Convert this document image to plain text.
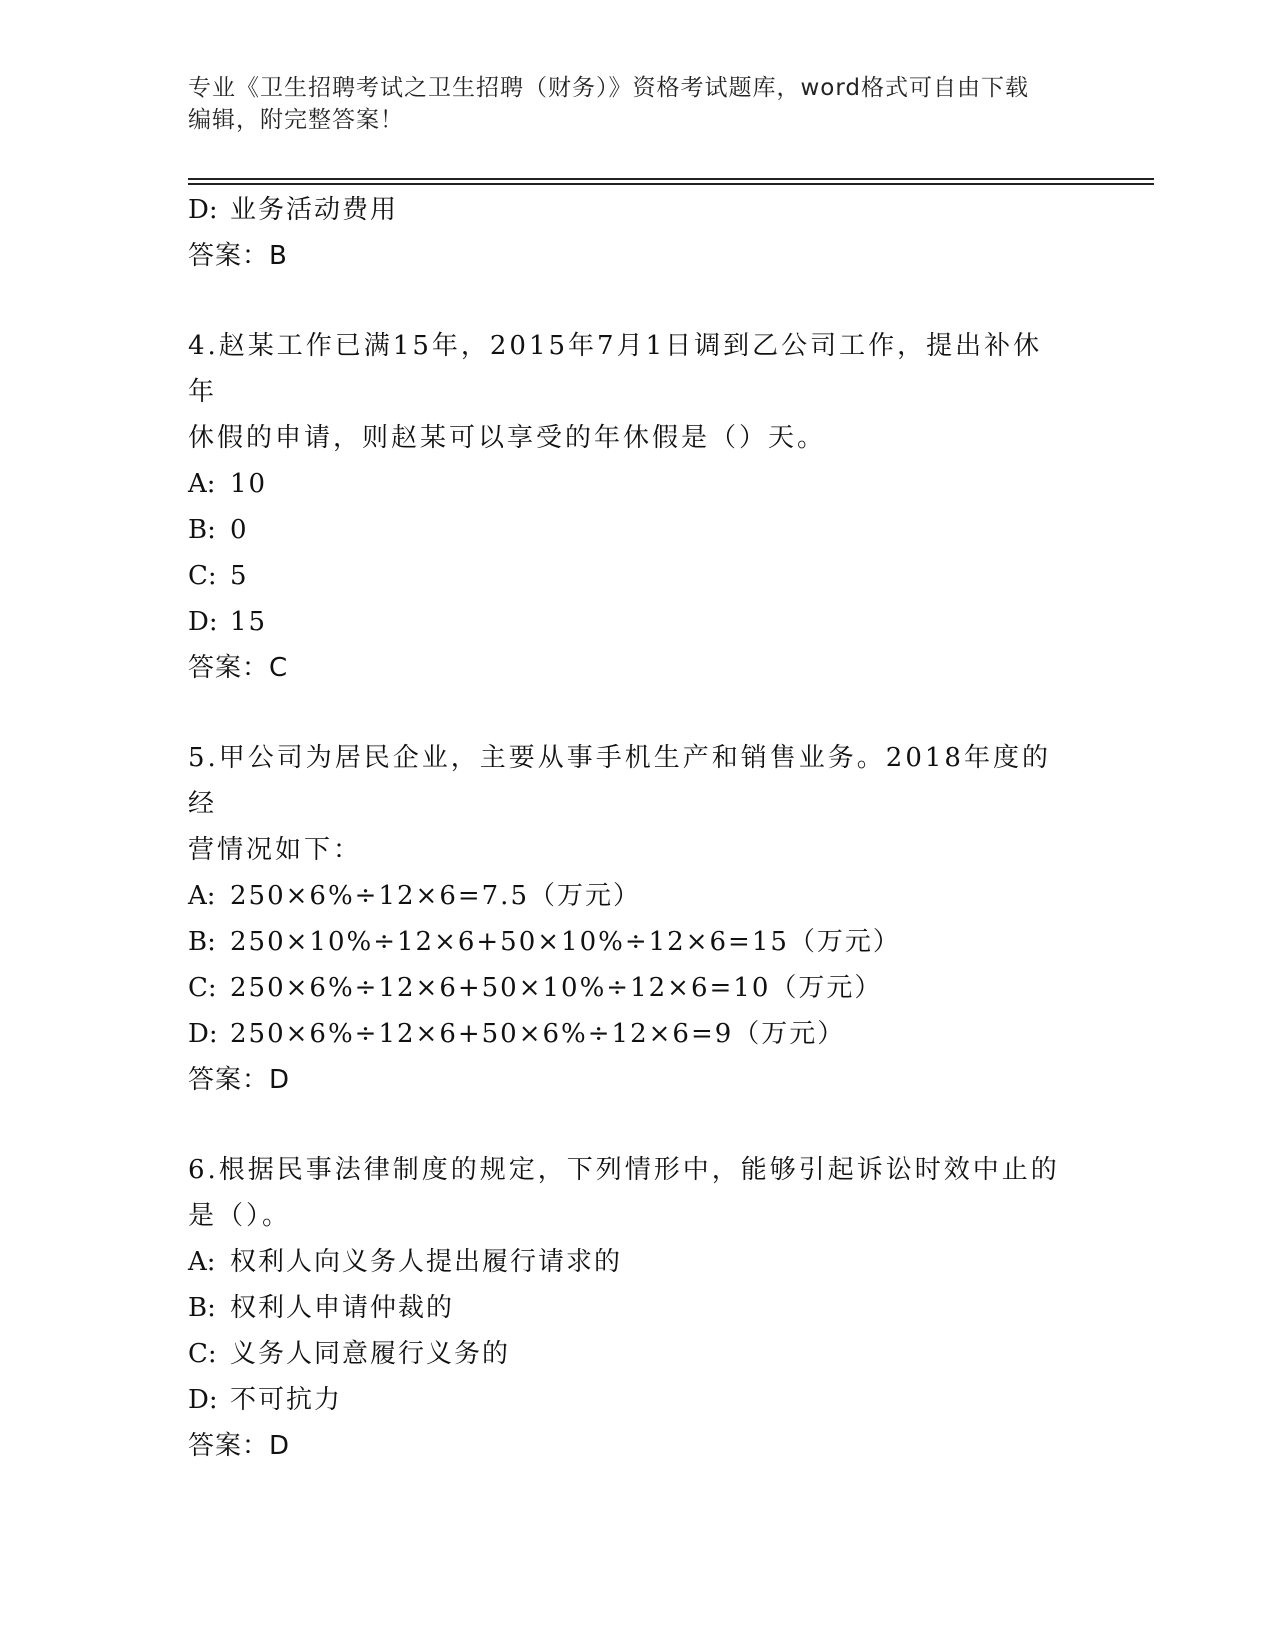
专业《卫生招聘考试之卫生招聘（财务）》资格考试题库，word格式可自由下载
编辑，附完整答案！
D: 业务活动费用
答案：B
4.赵某工作已满15年，2015年7月1日调到乙公司工作，提出补休年
休假的申请，则赵某可以享受的年休假是（）天。
A: 10
B: 0
C: 5
D: 15
答案：C
5.甲公司为居民企业，主要从事手机生产和销售业务。2018年度的经
营情况如下：
A: 250×6%÷12×6=7.5（万元）
B: 250×10%÷12×6+50×10%÷12×6=15（万元）
C: 250×6%÷12×6+50×10%÷12×6=10（万元）
D: 250×6%÷12×6+50×6%÷12×6=9（万元）
答案：D
6.根据民事法律制度的规定，下列情形中，能够引起诉讼时效中止的
是（）。
A: 权利人向义务人提出履行请求的
B: 权利人申请仲裁的
C: 义务人同意履行义务的
D: 不可抗力
答案：D
